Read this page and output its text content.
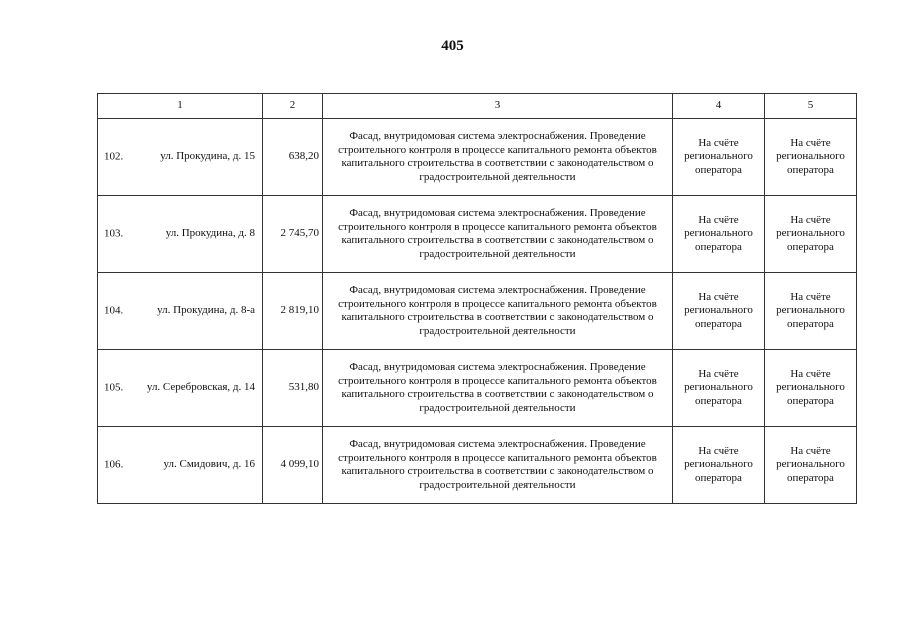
405
1	2	3	4	5

102. ул. Прокудина, д. 15	638,20	Фасад, внутридомовая система электроснабжения. Проведение строительного контроля в процессе капитального ремонта объектов капитального строительства в соответствии с законодательством о градостроительной деятельности	На счёте регионального оператора	На счёте регионального оператора

103. ул. Прокудина, д. 8	2 745,70	Фасад, внутридомовая система электроснабжения. Проведение строительного контроля в процессе капитального ремонта объектов капитального строительства в соответствии с законодательством о градостроительной деятельности	На счёте регионального оператора	На счёте регионального оператора

104. ул. Прокудина, д. 8-а	2 819,10	Фасад, внутридомовая система электроснабжения. Проведение строительного контроля в процессе капитального ремонта объектов капитального строительства в соответствии с законодательством о градостроительной деятельности	На счёте регионального оператора	На счёте регионального оператора

105. ул. Серебровская, д. 14	531,80	Фасад, внутридомовая система электроснабжения. Проведение строительного контроля в процессе капитального ремонта объектов капитального строительства в соответствии с законодательством о градостроительной деятельности	На счёте регионального оператора	На счёте регионального оператора

106. ул. Смидович, д. 16	4 099,10	Фасад, внутридомовая система электроснабжения. Проведение строительного контроля в процессе капитального ремонта объектов капитального строительства в соответствии с законодательством о градостроительной деятельности	На счёте регионального оператора	На счёте регионального оператора
